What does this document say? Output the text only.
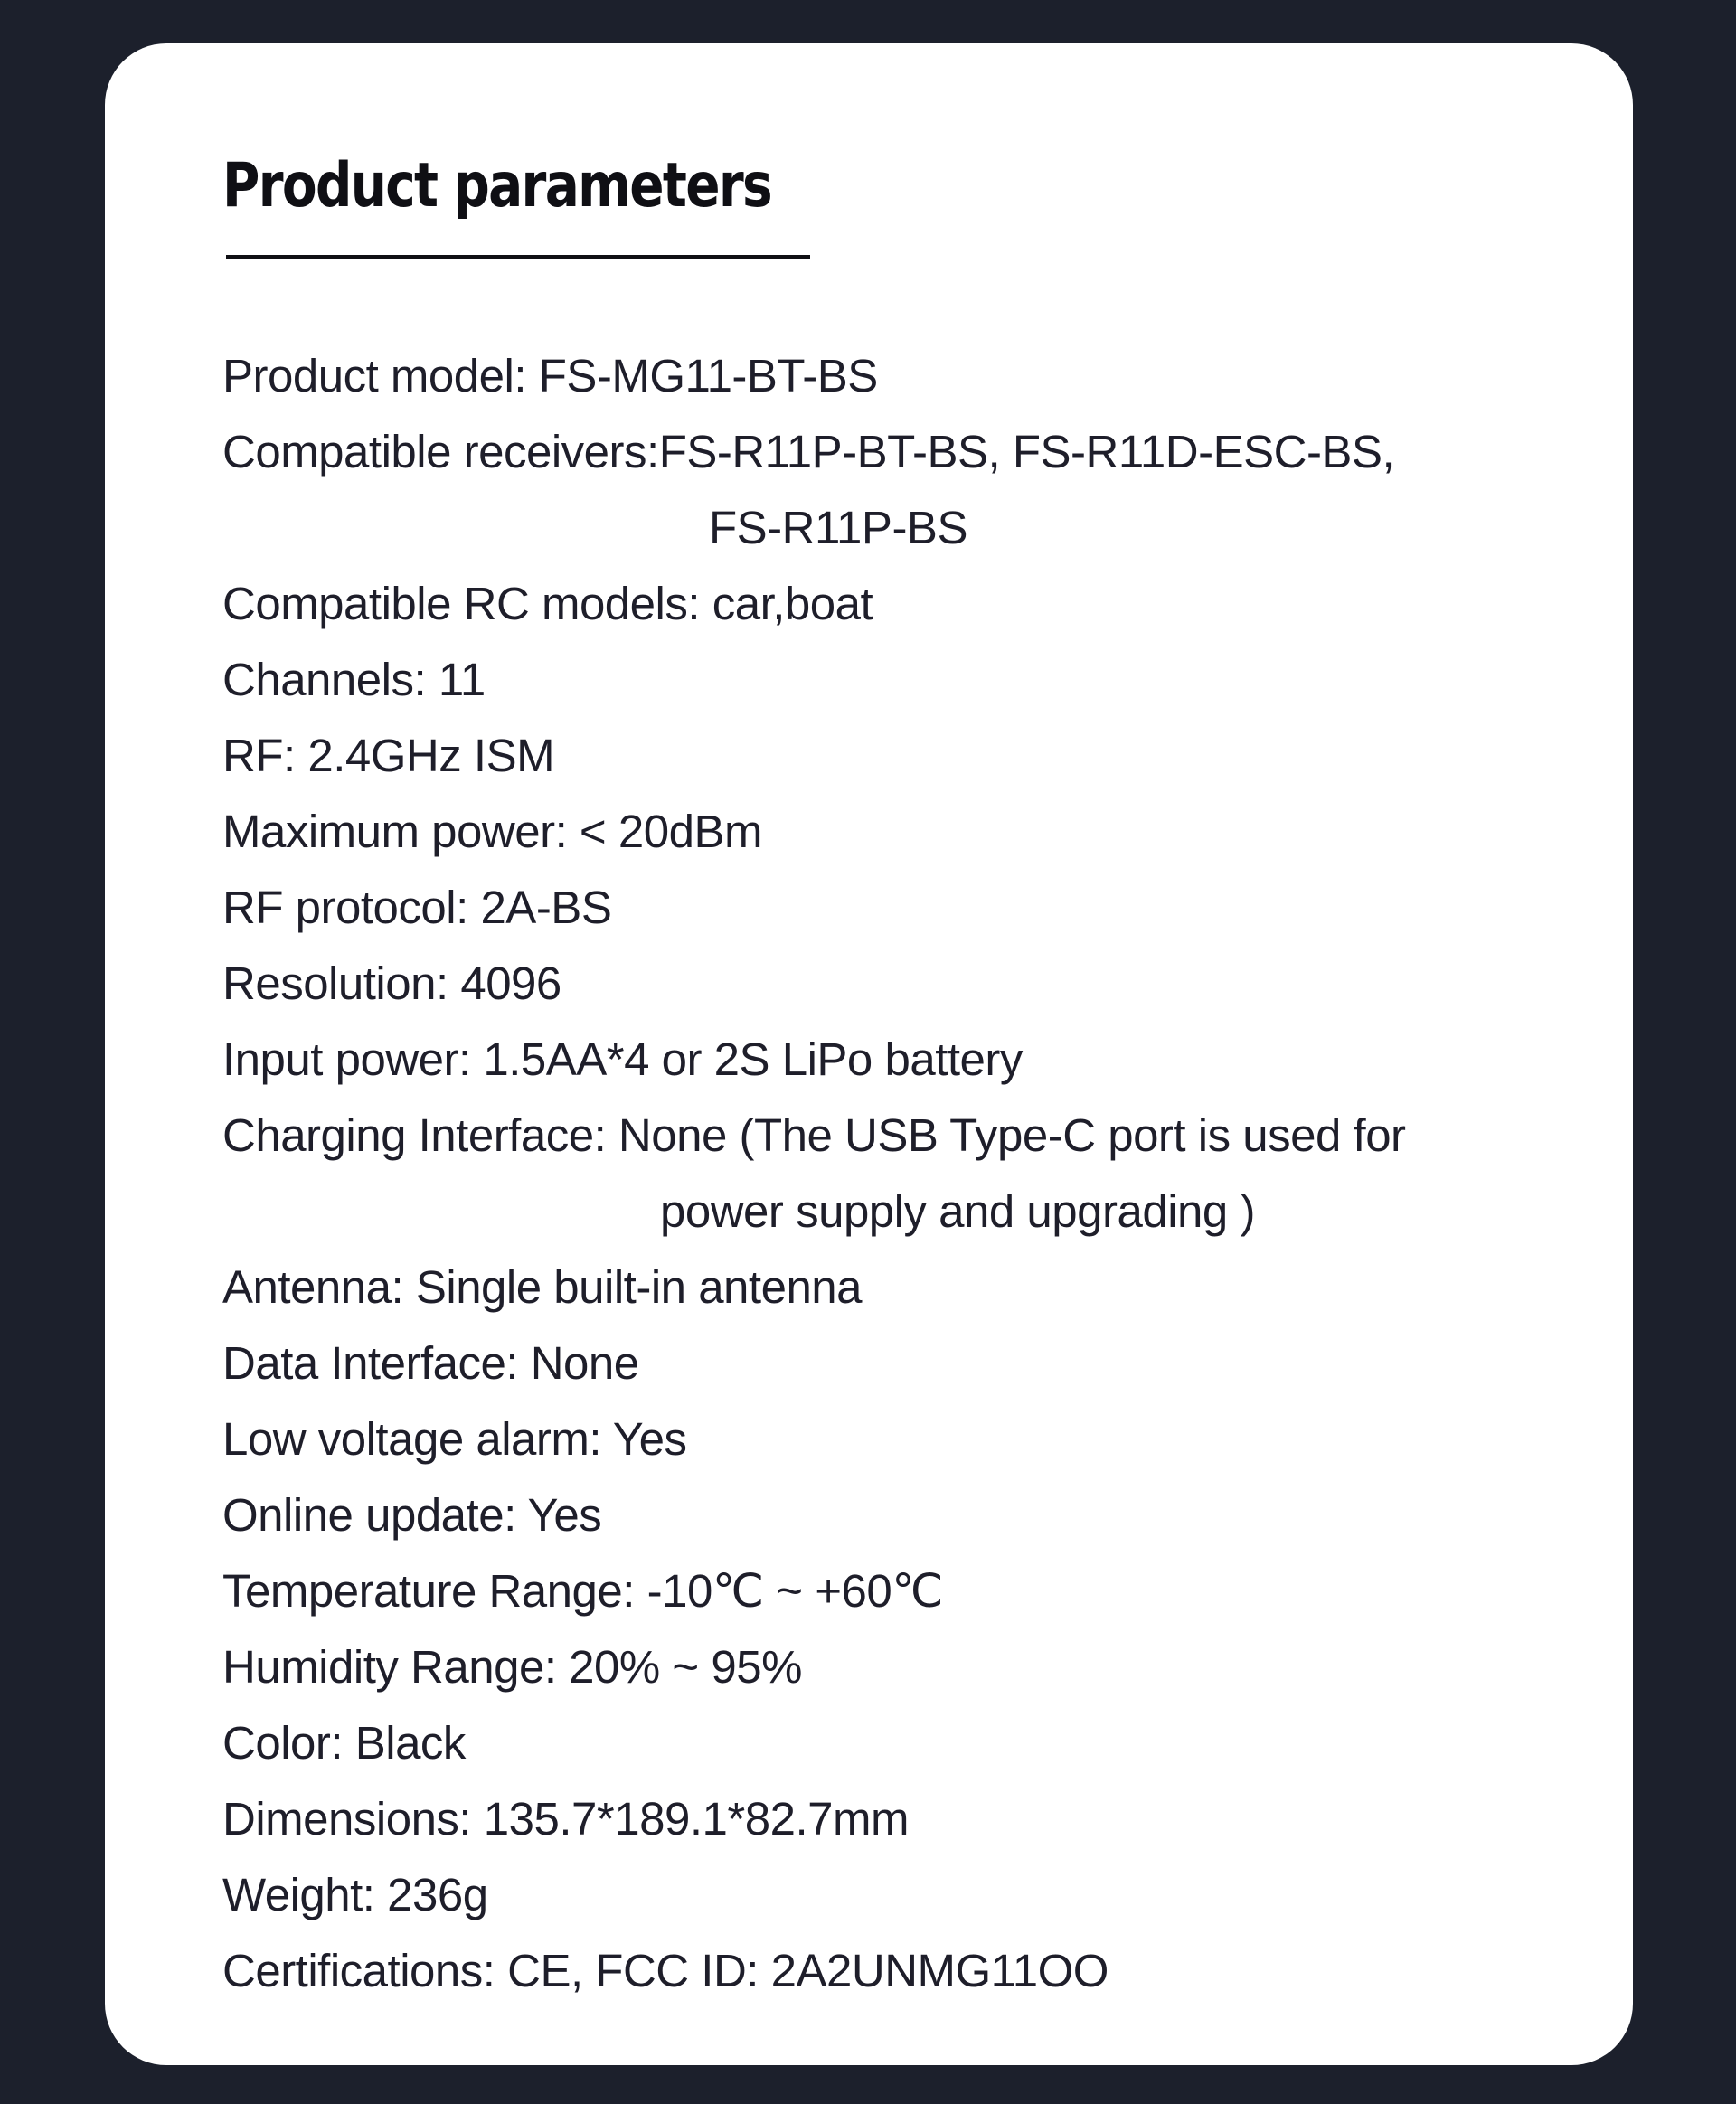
Product parameters
Product model: FS-MG11-BT-BS
Compatible receivers:FS-R11P-BT-BS, FS-R11D-ESC-BS,
FS-R11P-BS
Compatible RC models: car,boat
Channels: 11
RF: 2.4GHz ISM
Maximum power: < 20dBm
RF protocol: 2A-BS
Resolution: 4096
Input power: 1.5AA*4 or 2S LiPo battery
Charging Interface: None (The USB Type-C port is used for
power supply and upgrading )
Antenna: Single built-in antenna
Data Interface: None
Low voltage alarm: Yes
Online update: Yes
Temperature Range: -10℃ ~ +60℃
Humidity Range: 20% ~ 95%
Color: Black
Dimensions: 135.7*189.1*82.7mm
Weight: 236g
Certifications: CE, FCC ID: 2A2UNMG11OO
